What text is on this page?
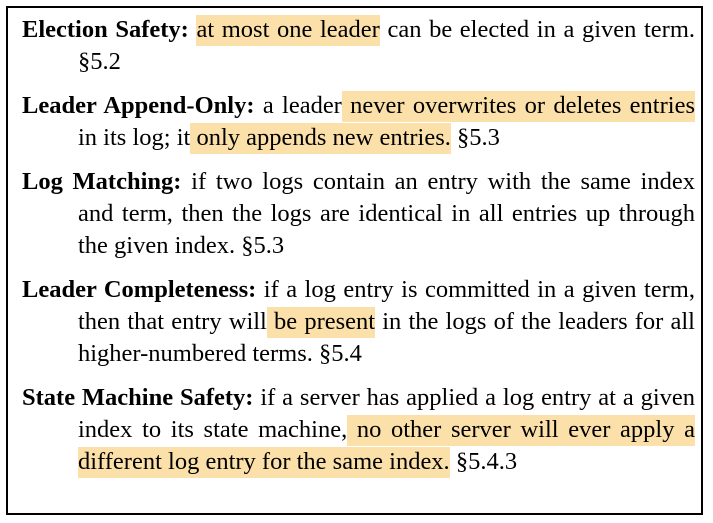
Election Safety: at most one leader can be elected in a given term. §5.2
Leader Append-Only: a leader never overwrites or deletes entries in its log; it only appends new entries. §5.3
Log Matching: if two logs contain an entry with the same index and term, then the logs are identical in all entries up through the given index. §5.3
Leader Completeness: if a log entry is committed in a given term, then that entry will be present in the logs of the leaders for all higher-numbered terms. §5.4
State Machine Safety: if a server has applied a log entry at a given index to its state machine, no other server will ever apply a different log entry for the same index. §5.4.3
